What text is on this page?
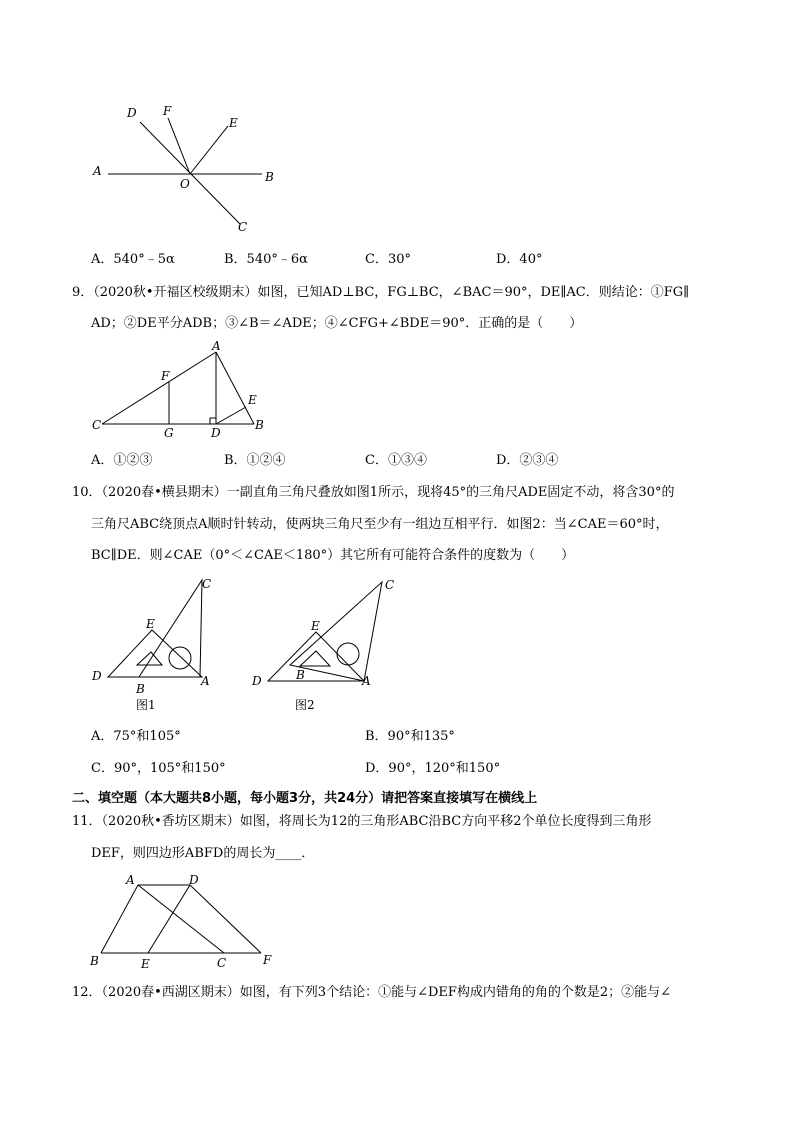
D F
E
A
O	B
C
A．540°﹣5α	B．540°﹣6α	C．30°	D．40°
9．（2020秋•开福区校级期末）如图，已知AD⊥BC，FG⊥BC，∠BAC＝90°，DE∥AC．则结论：①FG∥
AD；②DE平分ADB；③∠B＝∠ADE；④∠CFG+∠BDE＝90°．正确的是（　　）
A
F
E
C
G	D
B
A．①②③	B．①②④	C．①③④	D．②③④
10．（2020春•横县期末）一副直角三角尺叠放如图1所示，现将45°的三角尺ADE固定不动，将含30°的
三角尺ABC绕顶点A顺时针转动，使两块三角尺至少有一组边互相平行．如图2：当∠CAE＝60°时，
BC∥DE．则∠CAE（0°＜∠CAE＜180°）其它所有可能符合条件的度数为（　　）
C
E
D
B
A
图1
C
E
D	B	A
图2
A．75°和105°	B．90°和135°
C．90°，105°和150°	D．90°，120°和150°
二、填空题（本大题共8小题，每小题3分，共24分）请把答案直接填写在横线上
11．（2020秋•香坊区期末）如图，将周长为12的三角形ABC沿BC方向平移2个单位长度得到三角形
DEF，则四边形ABFD的周长为____．
A	D
B	E	C	F
12．（2020春•西湖区期末）如图，有下列3个结论：①能与∠DEF构成内错角的角的个数是2；②能与∠
